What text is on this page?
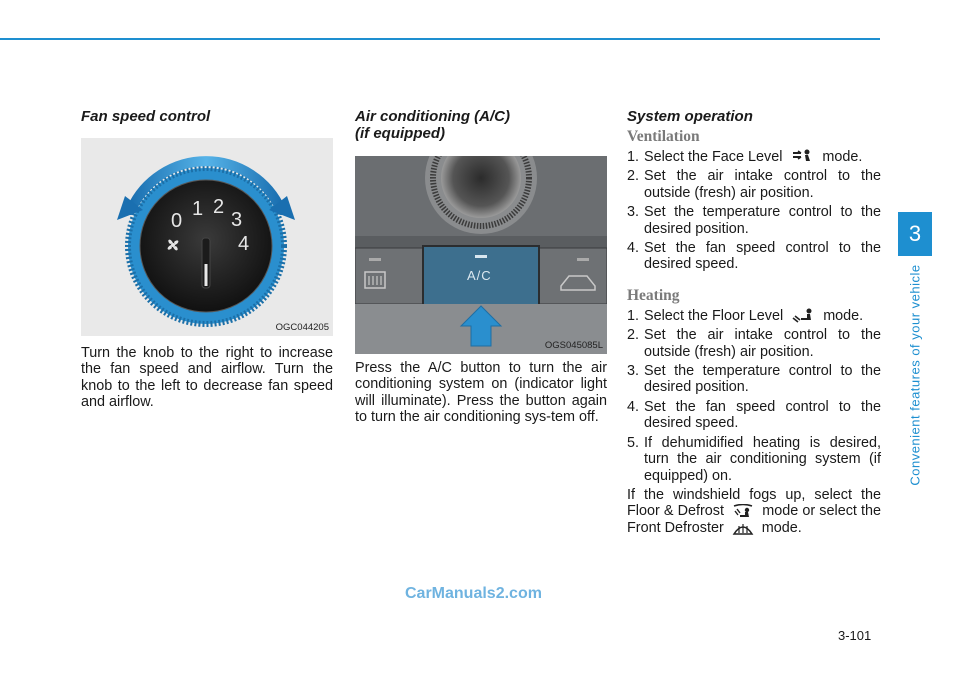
3
Convenient features of your vehicle
Fan speed control
0
1 2
3
4
OGC044205

Turn the knob to the right to increase the fan speed and airflow. Turn the knob to the left to decrease fan speed and airflow.

Air conditioning (A/C)
(if equipped)
A/C
OGS045085L

Press the A/C button to turn the air conditioning system on (indicator light will illuminate). Press the button again to turn the air conditioning sys-tem off.

System operation
Ventilation
1. Select the Face Level	mode.
2. Set the air intake control to the outside (fresh) air position.
3. Set the temperature control to the desired position.
4. Set the fan speed control to the desired speed.
Heating
1. Select the Floor Level	mode.
2. Set the air intake control to the outside (fresh) air position.
3. Set the temperature control to the desired position.
4. Set the fan speed control to the desired speed.
5. If dehumidified heating is desired, turn the air conditioning system (if equipped) on.

If the windshield fogs up, select the Floor & Defrost	mode or select the Front Defroster	mode.

CarManuals2.com
3-101
